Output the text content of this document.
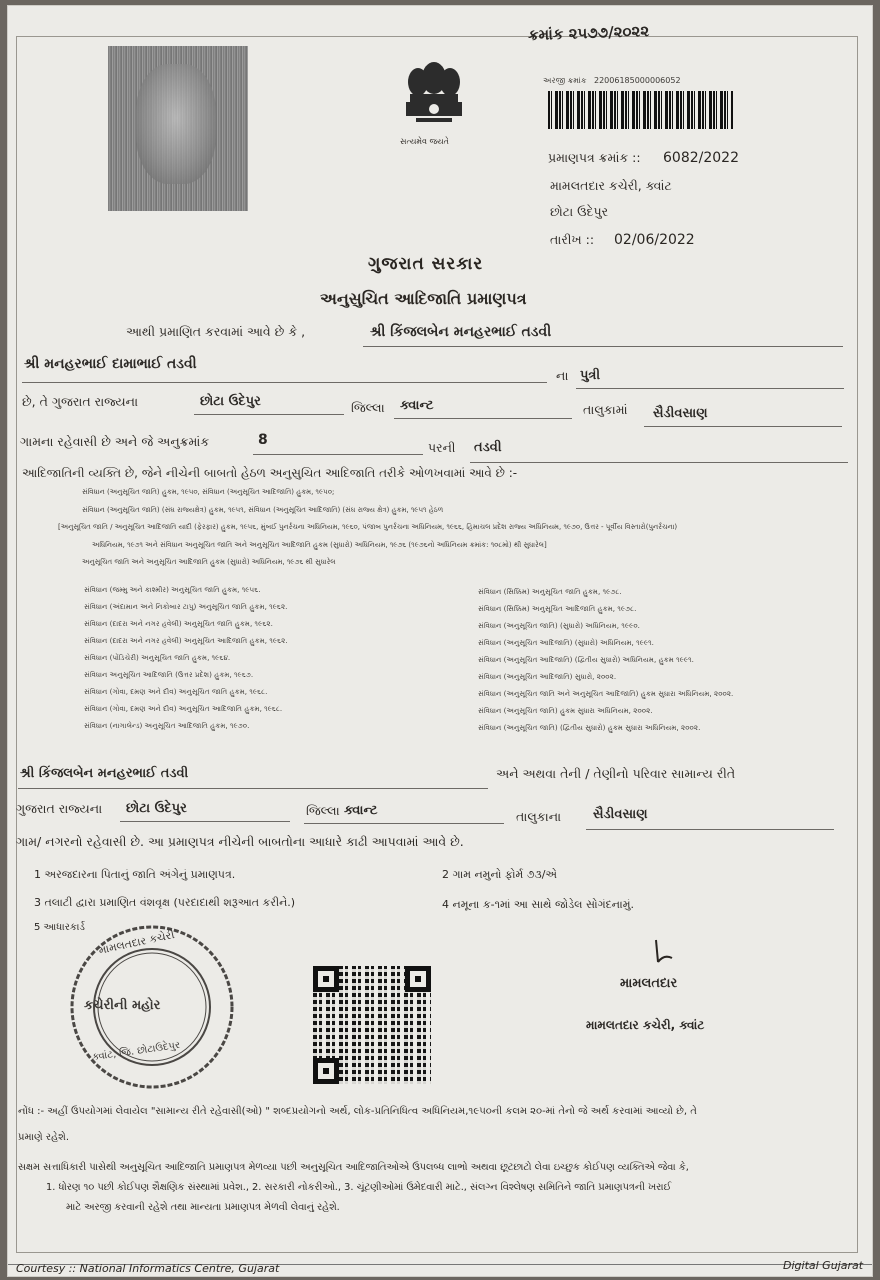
ક્રમાંક ૨૫૭૭/૨૦૨૨
સત્યમેવ જયતે
અરજી ક્રમાંક 22006185000006052
પ્રમાણપત્ર ક્રમાંક :: 6082/2022
મામલતદાર કચેરી, ક્વાંટ
છોટા ઉદેપુર
તારીખ :: 02/06/2022
ગુજરાત સરકાર
અનુસુચિત આદિજાતિ પ્રમાણપત્ર
આથી પ્રમાણિત કરવામાં આવે છે કે ,	શ્રી કિંજલબેન મનહરભાઈ તડવી
શ્રી મનહરભાઈ દામાભાઈ તડવી
ના પુત્રી
છે, તે ગુજરાત રાજ્યના	છોટા ઉદેપુર	જિલ્લા ક્વાન્ટ	તાલુકામાં સૈડીવસાણ
ગામના રહેવાસી છે અને જે અનુક્રમાંક	8	પરની તડવી
આદિજાતિની વ્યક્તિ છે, જેને નીચેની બાબતો હેઠળ અનુસુચિત આદિજાતિ તરીકે ઓળખવામાં આવે છે :-
સંવિધાન (અનુસૂચિત જાતિ) હુકમ, ૧૯૫૦, સંવિધાન (અનુસૂચિત આદિજાતિ) હુકમ, ૧૯૫૦;
સંવિધાન (અનુસૂચિત જાતિ) (સંઘ રાજ્યક્ષેત્ર) હુકમ, ૧૯૫૧, સંવિધાન (અનુસૂચિત આદિજાતિ) (સંઘ રાજ્ય ક્ષેત્ર) હુકમ, ૧૯૫૧ હેઠળ
[અનુસૂચિત જાતિ / અનુસૂચિત આદિજાતિ યાદી (ફેરફાર) હુકમ, ૧૯૫૬, મુંબઈ પુનર્રચના અધિનિયમ, ૧૯૬૦, પંજાબ પુનર્રચના અધિનિયમ, ૧૯૬૬, હિમાચલ પ્રદેશ રાજ્ય અધિનિયમ, ૧૯૭૦, ઉત્તર - પૂર્વીય વિસ્તારો(પુનર્રચના)
અધિનિયમ, ૧૯૭૧ અને સંવિધાન અનુસૂચિત જાતિ અને અનુસૂચિત આદિજાતિ હુકમ (સુધારો) અધિનિયમ, ૧૯૭૬ (૧૯૭૬નો અધિનિયમ ક્રમાંક: ૧૦૮મો) થી સુધારેલ]
અનુસૂચિત જાતિ અને અનુસૂચિત આદિજાતિ હુકમ (સુધારો) અધિનિયમ, ૧૯૭૬ થી સુધારેલ
સંવિધાન (જમ્મુ અને કાશ્મીર) અનુસૂચિત જાતિ હુકમ, ૧૯૫૬.
સંવિધાન (અંદામાન અને નિકોબાર ટાપુ) અનુસૂચિત જાતિ હુકમ, ૧૯૬૨.
સંવિધાન (દાદરા અને નગર હવેલી) અનુસૂચિત જાતિ હુકમ, ૧૯૬૨.
સંવિધાન (દાદરા અને નગર હવેલી) અનુસૂચિત આદિજાતિ હુકમ, ૧૯૬૨.
સંવિધાન (પોંડિચેરી) અનુસૂચિત જાતિ હુકમ, ૧૯૬૪.
સંવિધાન અનુસૂચિત આદિજાતિ (ઉત્તર પ્રદેશ) હુકમ, ૧૯૬૭.
સંવિધાન (ગોવા, દમણ અને દીવ) અનુસૂચિત જાતિ હુકમ, ૧૯૬૮.
સંવિધાન (ગોવા, દમણ અને દીવ) અનુસૂચિત આદિજાતિ હુકમ, ૧૯૬૮.
સંવિધાન (નાગાલેન્ડ) અનુસૂચિત આદિજાતિ હુકમ, ૧૯૭૦.
સંવિધાન (સિક્કિમ) અનુસૂચિત જાતિ હુકમ, ૧૯૭૮.
સંવિધાન (સિક્કિમ) અનુસૂચિત આદિજાતિ હુકમ, ૧૯૭૮.
સંવિધાન (અનુસૂચિત જાતિ) (સુધારો) અધિનિયમ, ૧૯૯૦.
સંવિધાન (અનુસૂચિત આદિજાતિ) (સુધારો) અધિનિયમ, ૧૯૯૧.
સંવિધાન (અનુસૂચિત આદિજાતિ) (દ્વિતીય સુધારો) અધિનિયમ, હુકમ ૧૯૯૧.
સંવિધાન (અનુસૂચિત આદિજાતિ) સુધારો, ૨૦૦૨.
સંવિધાન (અનુસૂચિત જાતિ અને અનુસૂચિત આદિજાતિ) હુકમ સુધારા અધિનિયમ, ૨૦૦૨.
સંવિધાન (અનુસૂચિત જાતિ) હુકમ સુધારા અધિનિયમ, ૨૦૦૨.
સંવિધાન (અનુસૂચિત જાતિ) (દ્વિતીય સુધારો) હુકમ સુધારા અધિનિયમ, ૨૦૦૨.
શ્રી કિંજલબેન મનહરભાઈ તડવી	અને અથવા તેની / તેણીનો પરિવાર સામાન્ય રીતે
ગુજરાત રાજ્યના છોટા ઉદેપુર	જિલ્લા ક્વાન્ટ	તાલુકાના સૈડીવસાણ
ગામ/ નગરનો રહેવાસી છે. આ પ્રમાણપત્ર નીચેની બાબતોના આધારે કાઢી આપવામાં આવે છે.
1 અરજદારના પિતાનું જાતિ અંગેનું પ્રમાણપત્ર.	2 ગામ નમુનો ફોર્મ ૭૩/એ
3 તલાટી દ્વારા પ્રમાણિત વંશવૃક્ષ (પરદાદાથી શરૂઆત કરીને.)	4 નમૂના ક-૧માં આ સાથે જોડેલ સોગંદનામું.
5 આધારકાર્ડ
મામલતદાર કચેરી
કચેરીની મહોર
ક્વાંટ, જિ. છોટાઉદેપુર
મામલતદાર
મામલતદાર કચેરી, ક્વાંટ
નોંધ :- અહીં ઉપયોગમાં લેવાયેલ "સામાન્ય રીતે રહેવાસી(ઓ) " શબ્દપ્રયોગનો અર્થ, લોક-પ્રતિનિધિત્વ અધિનિયમ,૧૯૫૦ની કલમ ૨૦-માં તેનો જે અર્થ કરવામાં આવ્યો છે, તે
પ્રમાણે રહેશે.
સક્ષમ સત્તાધિકારી પાસેથી અનુસૂચિત આદિજાતિ પ્રમાણપત્ર મેળવ્યા પછી અનુસૂચિત આદિજાતિઓએ ઉપલબ્ધ લાભો અથવા છૂટછાટો લેવા ઇચ્છુક કોઈપણ વ્યક્તિએ જેવા કે,
1. ધોરણ ૧૦ પછી કોઈપણ શૈક્ષણિક સંસ્થામાં પ્રવેશ., 2. સરકારી નોકરીઓ., 3. ચૂંટણીઓમાં ઉમેદવારી માટે., સંલગ્ન વિશ્લેષણ સમિતિને જાતિ પ્રમાણપત્રની ખરાઈ
માટે અરજી કરવાની રહેશે તથા માન્યતા પ્રમાણપત્ર મેળવી લેવાનું રહેશે.
Courtesy :: National Informatics Centre, Gujarat	Digital Gujarat
